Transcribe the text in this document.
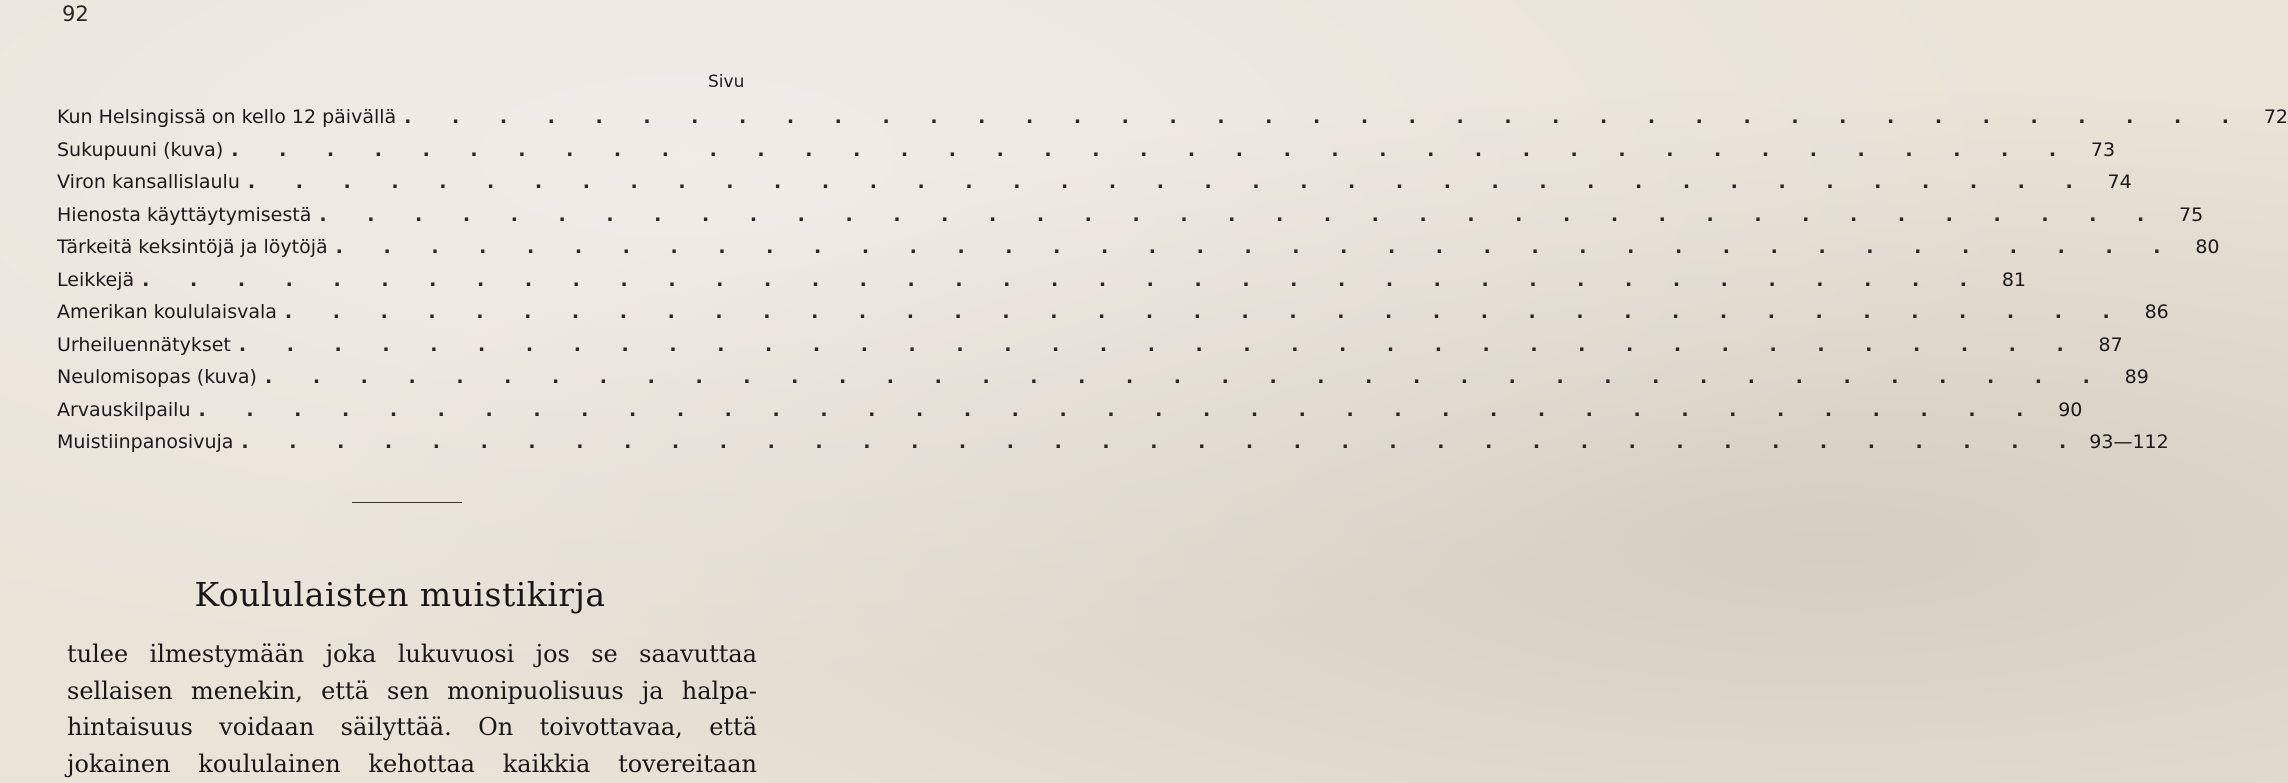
92
Sivu
Kun Helsingissä on kello 12 päivällä . . . . . . . . . . . . . . . . . . . . . . . . . . . . . . . . . . . . . . . 72
Sukupuuni (kuva) . . . . . . . . . . . . . . . . . . . . . . . . . . . . . . . . . . . . . . . 73
Viron kansallislaulu . . . . . . . . . . . . . . . . . . . . . . . . . . . . . . . . . . . . . . . 74
Hienosta käyttäytymisestä . . . . . . . . . . . . . . . . . . . . . . . . . . . . . . . . . . . . . . . 75
Tärkeitä keksintöjä ja löytöjä . . . . . . . . . . . . . . . . . . . . . . . . . . . . . . . . . . . . . . . 80
Leikkejä . . . . . . . . . . . . . . . . . . . . . . . . . . . . . . . . . . . . . . . 81
Amerikan koululaisvala . . . . . . . . . . . . . . . . . . . . . . . . . . . . . . . . . . . . . . . 86
Urheiluennätykset . . . . . . . . . . . . . . . . . . . . . . . . . . . . . . . . . . . . . . . 87
Neulomisopas (kuva) . . . . . . . . . . . . . . . . . . . . . . . . . . . . . . . . . . . . . . . 89
Arvauskilpailu . . . . . . . . . . . . . . . . . . . . . . . . . . . . . . . . . . . . . . . 90
Muistiinpanosivuja . . . . . . . . . . . . . . . . . . . . . . . . . . . . . . . . . . . . . . . 93—112
Koululaisten muistikirja
tulee ilmestymään joka lukuvuosi jos se saavuttaa
sellaisen menekin, että sen monipuolisuus ja halpa-
hintaisuus voidaan säilyttää. On toivottavaa, että
jokainen koululainen kehottaa kaikkia tovereitaan
